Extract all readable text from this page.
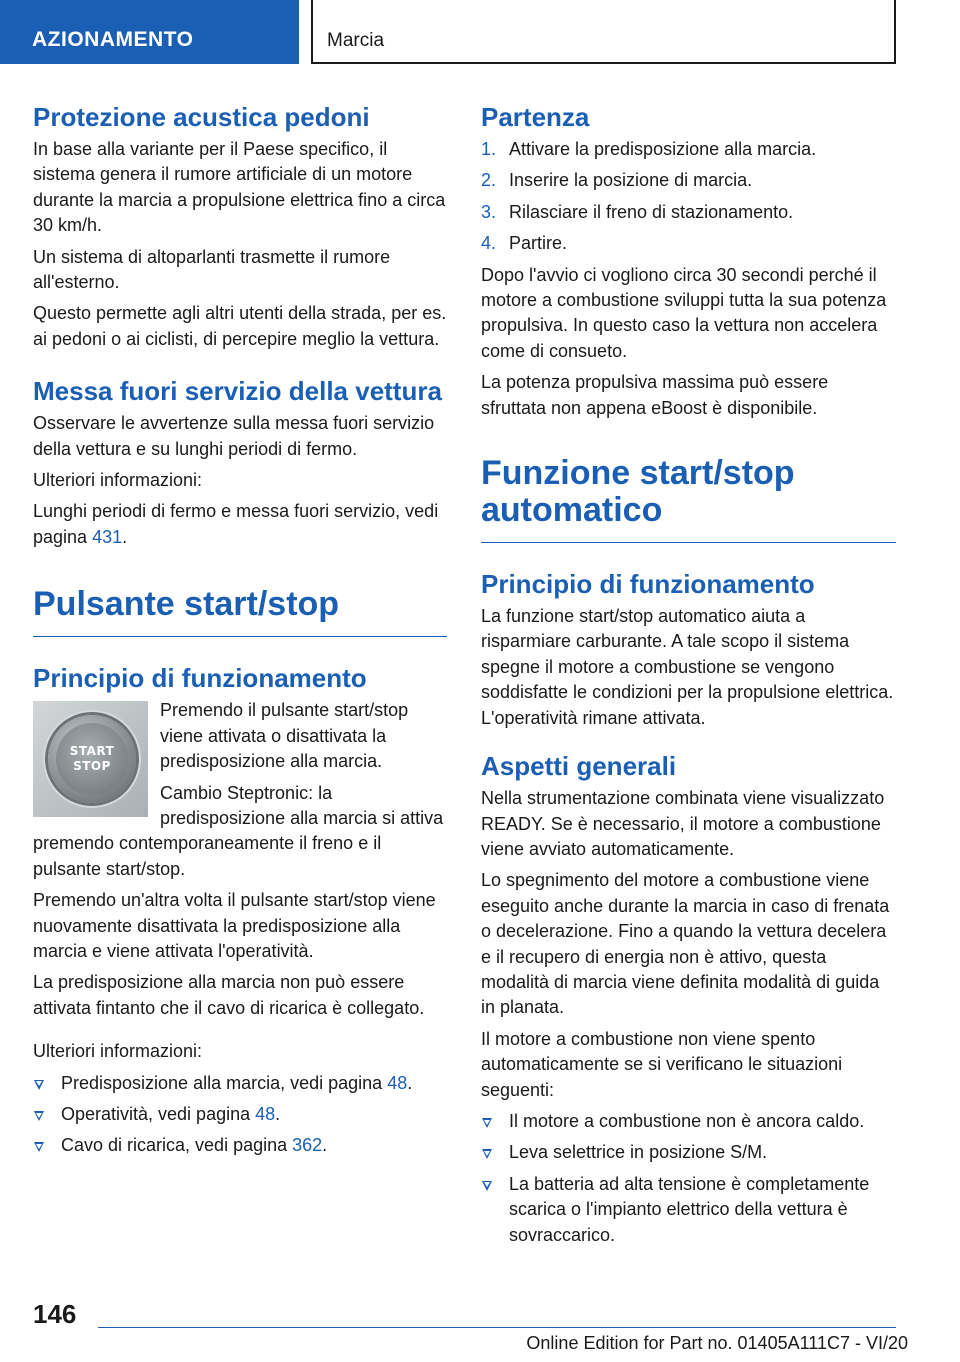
AZIONAMENTO	Marcia
Protezione acustica pedoni

In base alla variante per il Paese specifico, il sistema genera il rumore artificiale di un motore durante la marcia a propulsione elettrica fino a circa 30 km/h.

Un sistema di altoparlanti trasmette il rumore all'esterno.

Questo permette agli altri utenti della strada, per es. ai pedoni o ai ciclisti, di percepire meglio la vettura.

Messa fuori servizio della vettura

Osservare le avvertenze sulla messa fuori servizio della vettura e su lunghi periodi di fermo.

Ulteriori informazioni:

Lunghi periodi di fermo e messa fuori servizio, vedi pagina 431.

Pulsante start/stop
Principio di funzionamento
START
STOP

Premendo il pulsante start/stop viene attivata o disattivata la predisposizione alla marcia.

Cambio Steptronic: la predisposizione alla marcia si attiva premendo contemporaneamente il freno e il pulsante start/stop.

Premendo un'altra volta il pulsante start/stop viene nuovamente disattivata la predisposizione alla marcia e viene attivata l'operatività.

La predisposizione alla marcia non può essere attivata fintanto che il cavo di ricarica è collegato.

Ulteriori informazioni:

Predisposizione alla marcia, vedi pagina 48.
Operatività, vedi pagina 48.
Cavo di ricarica, vedi pagina 362.
Partenza
1. Attivare la predisposizione alla marcia.
2. Inserire la posizione di marcia.
3. Rilasciare il freno di stazionamento.
4. Partire.

Dopo l'avvio ci vogliono circa 30 secondi perché il motore a combustione sviluppi tutta la sua potenza propulsiva. In questo caso la vettura non accelera come di consueto.

La potenza propulsiva massima può essere sfruttata non appena eBoost è disponibile.

Funzione start/stop
automatico
Principio di funzionamento

La funzione start/stop automatico aiuta a risparmiare carburante. A tale scopo il sistema spegne il motore a combustione se vengono soddisfatte le condizioni per la propulsione elettrica. L'operatività rimane attivata.

Aspetti generali

Nella strumentazione combinata viene visualizzato READY. Se è necessario, il motore a combustione viene avviato automaticamente.

Lo spegnimento del motore a combustione viene eseguito anche durante la marcia in caso di frenata o decelerazione. Fino a quando la vettura decelera e il recupero di energia non è attivo, questa modalità di marcia viene definita modalità di guida in planata.

Il motore a combustione non viene spento automaticamente se si verificano le situazioni seguenti:

Il motore a combustione non è ancora caldo.
Leva selettrice in posizione S/M.
La batteria ad alta tensione è completamente scarica o l'impianto elettrico della vettura è sovraccarico.
146
Online Edition for Part no. 01405A111C7 - VI/20
